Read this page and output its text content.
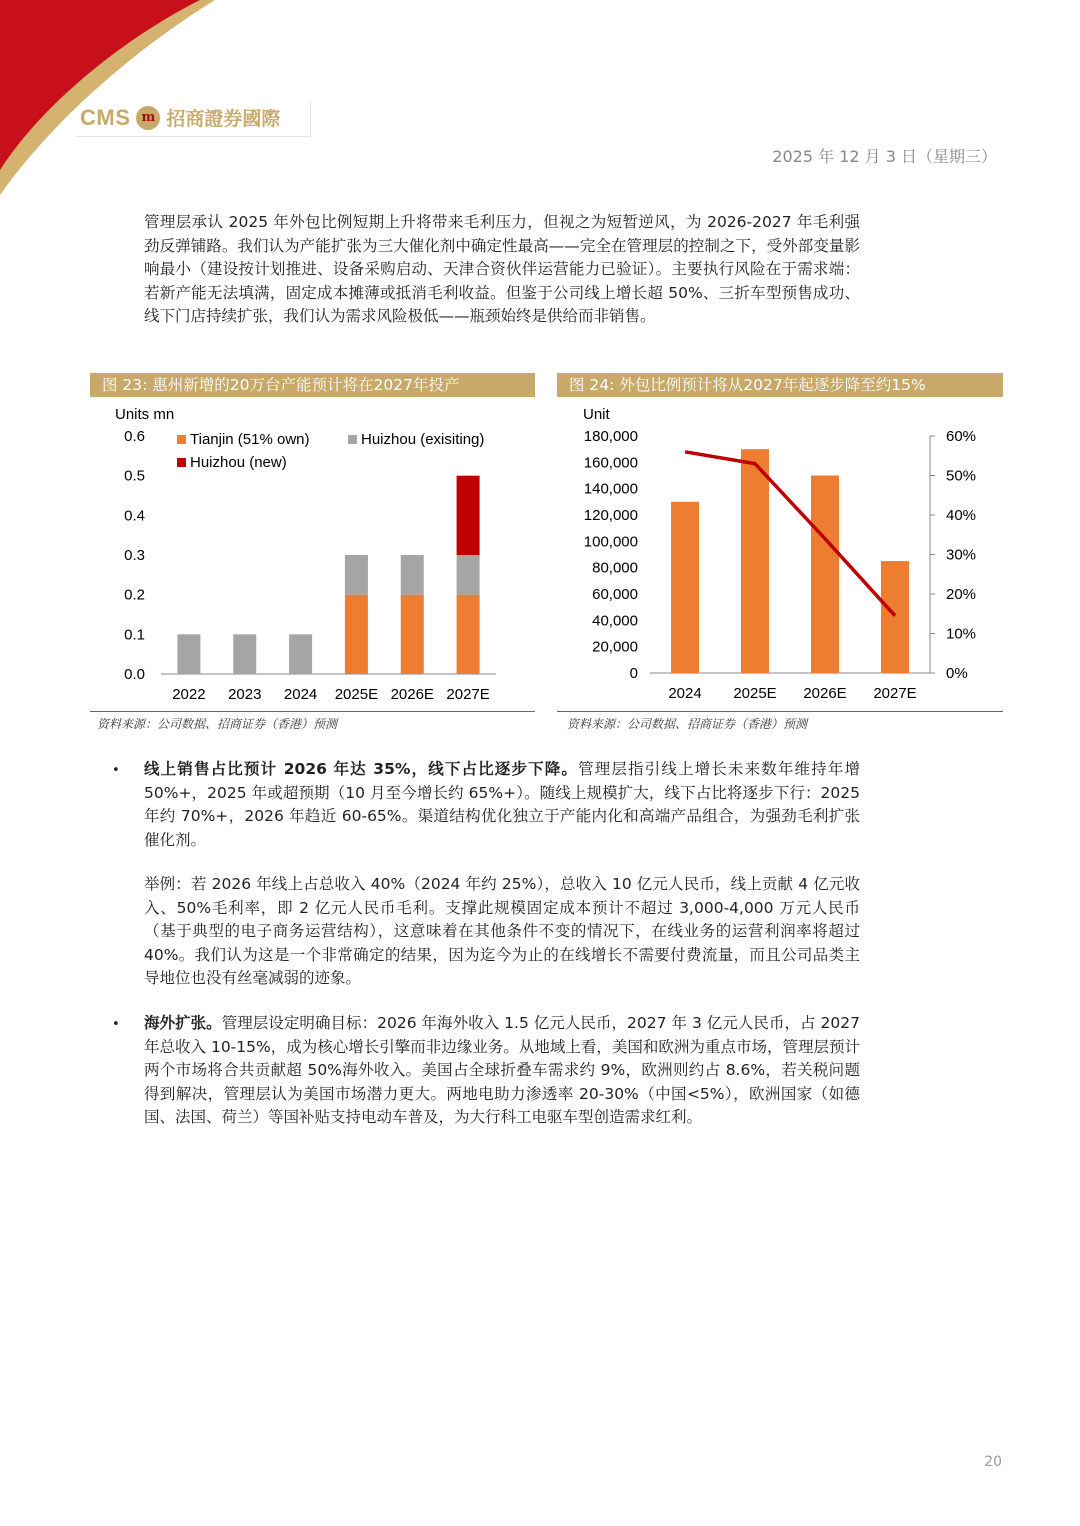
CMS m 招商證券國際
2025 年 12 月 3 日（星期三）
管理层承认 2025 年外包比例短期上升将带来毛利压力，但视之为短暂逆风，为 2026-2027 年毛利强劲反弹铺路。我们认为产能扩张为三大催化剂中确定性最高——完全在管理层的控制之下，受外部变量影响最小（建设按计划推进、设备采购启动、天津合资伙伴运营能力已验证）。主要执行风险在于需求端：若新产能无法填满，固定成本摊薄或抵消毛利收益。但鉴于公司线上增长超 50%、三折车型预售成功、线下门店持续扩张，我们认为需求风险极低——瓶颈始终是供给而非销售。
图 23: 惠州新增的20万台产能预计将在2027年投产	图 24: 外包比例预计将从2027年起逐步降至约15%
Units mn
0.0
0.1
0.2
0.3
0.4
0.5
0.6
2022 2023 2024 2025E 2026E 2027E
Tianjin (51% own)	Huizhou (exisiting)
Huizhou (new)
Unit
0
20,000
40,000
60,000
80,000
100,000
120,000
140,000
160,000
180,000
0%
10%
20%
30%
40%
50%
60%
2024 2025E 2026E 2027E
资料来源：公司数据、招商证券（香港）预测	资料来源：公司数据、招商证券（香港）预测
• 线上销售占比预计 2026 年达 35%，线下占比逐步下降。管理层指引线上增长未来数年维持年增 50%+，2025 年或超预期（10 月至今增长约 65%+）。随线上规模扩大，线下占比将逐步下行：2025 年约 70%+，2026 年趋近 60-65%。渠道结构优化独立于产能内化和高端产品组合，为强劲毛利扩张催化剂。
举例：若 2026 年线上占总收入 40%（2024 年约 25%），总收入 10 亿元人民币，线上贡献 4 亿元收入、50%毛利率，即 2 亿元人民币毛利。支撑此规模固定成本预计不超过 3,000-4,000 万元人民币（基于典型的电子商务运营结构），这意味着在其他条件不变的情况下，在线业务的运营利润率将超过 40%。我们认为这是一个非常确定的结果，因为迄今为止的在线增长不需要付费流量，而且公司品类主导地位也没有丝毫减弱的迹象。
• 海外扩张。管理层设定明确目标：2026 年海外收入 1.5 亿元人民币，2027 年 3 亿元人民币，占 2027 年总收入 10-15%，成为核心增长引擎而非边缘业务。从地域上看，美国和欧洲为重点市场，管理层预计两个市场将合共贡献超 50%海外收入。美国占全球折叠车需求约 9%，欧洲则约占 8.6%，若关税问题得到解决，管理层认为美国市场潜力更大。两地电助力渗透率 20-30%（中国<5%），欧洲国家（如德国、法国、荷兰）等国补贴支持电动车普及，为大行科工电驱车型创造需求红利。
20
